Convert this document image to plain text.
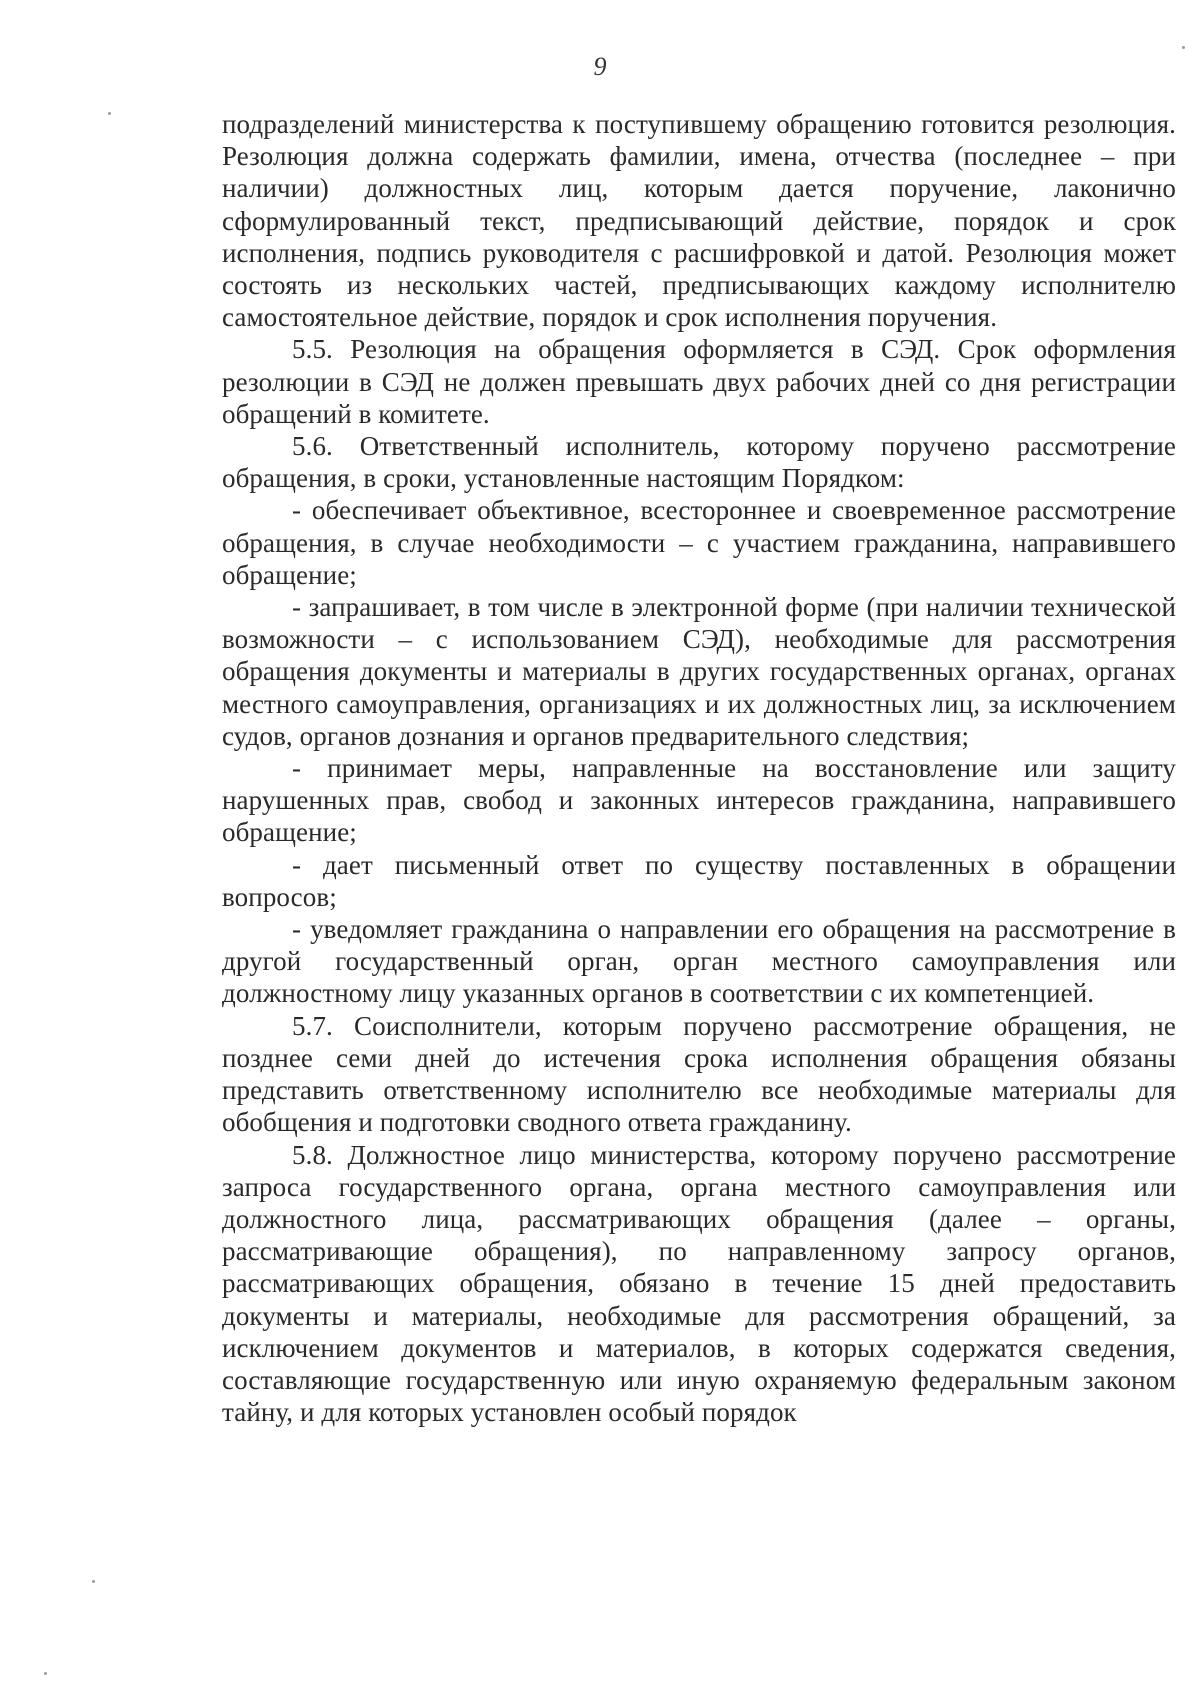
9

подразделений министерства к поступившему обращению готовится резолюция. Резолюция должна содержать фамилии, имена, отчества (последнее – при наличии) должностных лиц, которым дается поручение, лаконично сформулированный текст, предписывающий действие, порядок и срок исполнения, подпись руководителя с расшифровкой и датой. Резолюция может состоять из нескольких частей, предписывающих каждому исполнителю самостоятельное действие, порядок и срок исполнения поручения.

5.5. Резолюция на обращения оформляется в СЭД. Срок оформления резолюции в СЭД не должен превышать двух рабочих дней со дня регистрации обращений в комитете.

5.6. Ответственный исполнитель, которому поручено рассмотрение обращения, в сроки, установленные настоящим Порядком:

- обеспечивает объективное, всестороннее и своевременное рассмотрение обращения, в случае необходимости – с участием гражданина, направившего обращение;

- запрашивает, в том числе в электронной форме (при наличии технической возможности – с использованием СЭД), необходимые для рассмотрения обращения документы и материалы в других государственных органах, органах местного самоуправления, организациях и их должностных лиц, за исключением судов, органов дознания и органов предварительного следствия;

- принимает меры, направленные на восстановление или защиту нарушенных прав, свобод и законных интересов гражданина, направившего обращение;

- дает письменный ответ по существу поставленных в обращении вопросов;

- уведомляет гражданина о направлении его обращения на рассмотрение в другой государственный орган, орган местного самоуправления или должностному лицу указанных органов в соответствии с их компетенцией.

5.7. Соисполнители, которым поручено рассмотрение обращения, не позднее семи дней до истечения срока исполнения обращения обязаны представить ответственному исполнителю все необходимые материалы для обобщения и подготовки сводного ответа гражданину.

5.8. Должностное лицо министерства, которому поручено рассмотрение запроса государственного органа, органа местного самоуправления или должностного лица, рассматривающих обращения (далее – органы, рассматривающие обращения), по направленному запросу органов, рассматривающих обращения, обязано в течение 15 дней предоставить документы и материалы, необходимые для рассмотрения обращений, за исключением документов и материалов, в которых содержатся сведения, составляющие государственную или иную охраняемую федеральным законом тайну, и для которых установлен особый порядок
